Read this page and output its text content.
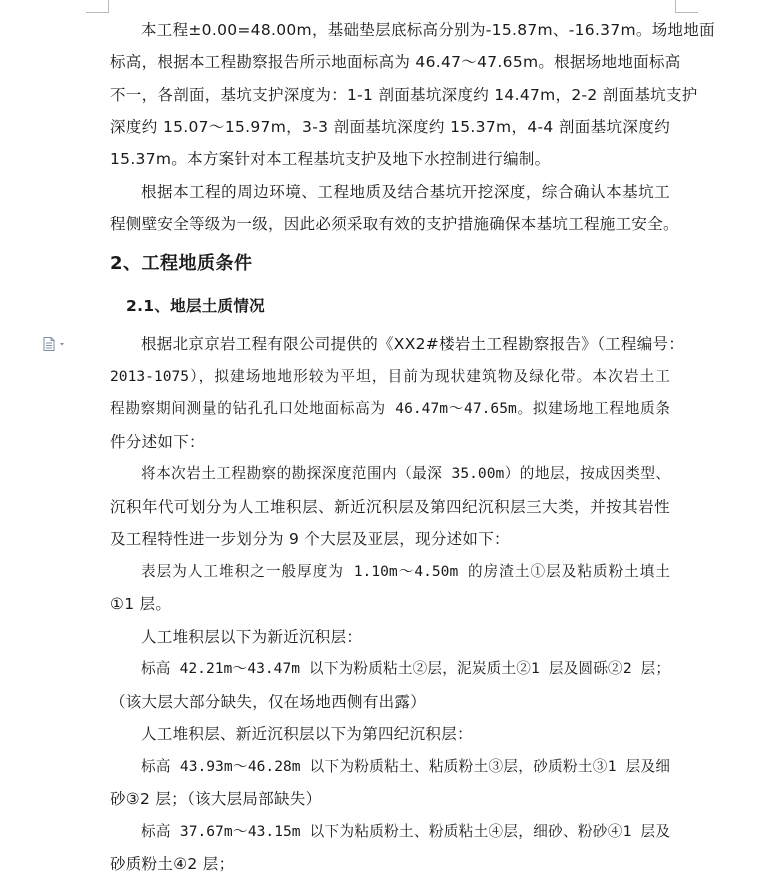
本工程±0.00=48.00m，基础垫层底标高分别为-15.87m、-16.37m。场地地面
标高，根据本工程勘察报告所示地面标高为 46.47～47.65m。根据场地地面标高
不一，各剖面，基坑支护深度为：1-1 剖面基坑深度约 14.47m，2-2 剖面基坑支护
深度约 15.07～15.97m，3-3 剖面基坑深度约 15.37m，4-4 剖面基坑深度约
15.37m。本方案针对本工程基坑支护及地下水控制进行编制。
根据本工程的周边环境、工程地质及结合基坑开挖深度，综合确认本基坑工
程侧壁安全等级为一级，因此必须采取有效的支护措施确保本基坑工程施工安全。
2、工程地质条件
2.1、地层土质情况
根据北京京岩工程有限公司提供的《XX2#楼岩土工程勘察报告》（工程编号：
2013-1075），拟建场地地形较为平坦，目前为现状建筑物及绿化带。本次岩土工
程勘察期间测量的钻孔孔口处地面标高为 46.47m～47.65m。拟建场地工程地质条
件分述如下：
将本次岩土工程勘察的勘探深度范围内（最深 35.00m）的地层，按成因类型、
沉积年代可划分为人工堆积层、新近沉积层及第四纪沉积层三大类，并按其岩性
及工程特性进一步划分为 9 个大层及亚层，现分述如下：
表层为人工堆积之一般厚度为 1.10m～4.50m 的房渣土①层及粘质粉土填土
①1 层。
人工堆积层以下为新近沉积层：
标高 42.21m～43.47m 以下为粉质粘土②层，泥炭质土②1 层及圆砾②2 层；
（该大层大部分缺失，仅在场地西侧有出露）
人工堆积层、新近沉积层以下为第四纪沉积层：
标高 43.93m～46.28m 以下为粉质粘土、粘质粉土③层，砂质粉土③1 层及细
砂③2 层；（该大层局部缺失）
标高 37.67m～43.15m 以下为粘质粉土、粉质粘土④层，细砂、粉砂④1 层及
砂质粉土④2 层；
